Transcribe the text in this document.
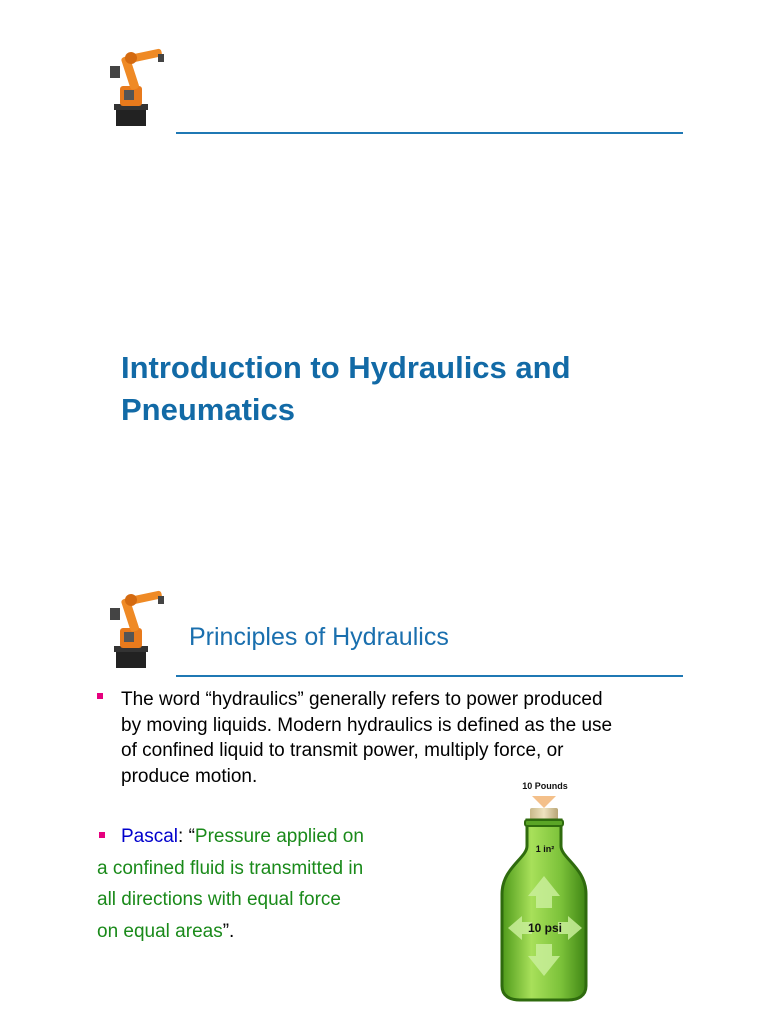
Introduction to Hydraulics and

Pneumatics

Principles of Hydraulics
The word “hydraulics” generally refers to power produced
by moving liquids. Modern hydraulics is defined as the use
of confined liquid to transmit power, multiply force, or
produce motion.
Pascal: “Pressure applied on
a confined fluid is transmitted in
all directions with equal force
on equal areas”.
10 Pounds
1 in²
10 psi
